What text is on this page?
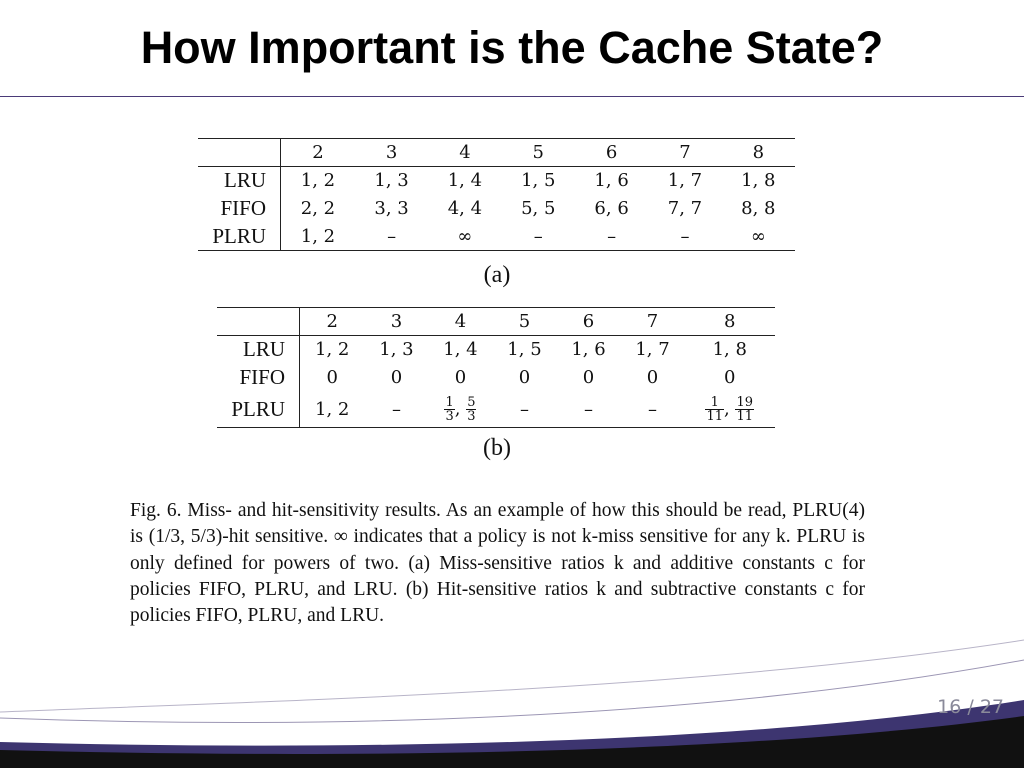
How Important is the Cache State?
	2	3	4	5	6	7	8
LRU	1, 2	1, 3	1, 4	1, 5	1, 6	1, 7	1, 8
FIFO	2, 2	3, 3	4, 4	5, 5	6, 6	7, 7	8, 8
PLRU	1, 2	–	∞	–	–	–	∞
(a)
	2	3	4	5	6	7	8
LRU	1, 2	1, 3	1, 4	1, 5	1, 6	1, 7	1, 8
FIFO	0	0	0	0	0	0	0
PLRU	1, 2	–	$\frac{1}{3}$ , $\frac{5}{3}$	–	–	–	$\frac{1}{11}$ , $\frac{19}{11}$
(b)

Fig. 6. Miss- and hit-sensitivity results. As an example of how this should be read, PLRU(4) is (1/3, 5/3)-hit sensitive. ∞ indicates that a policy is not k-miss sensitive for any k. PLRU is only defined for powers of two. (a) Miss-sensitive ratios k and additive constants c for policies FIFO, PLRU, and LRU. (b) Hit-sensitive ratios k and subtractive constants c for policies FIFO, PLRU, and LRU.

16 / 27
